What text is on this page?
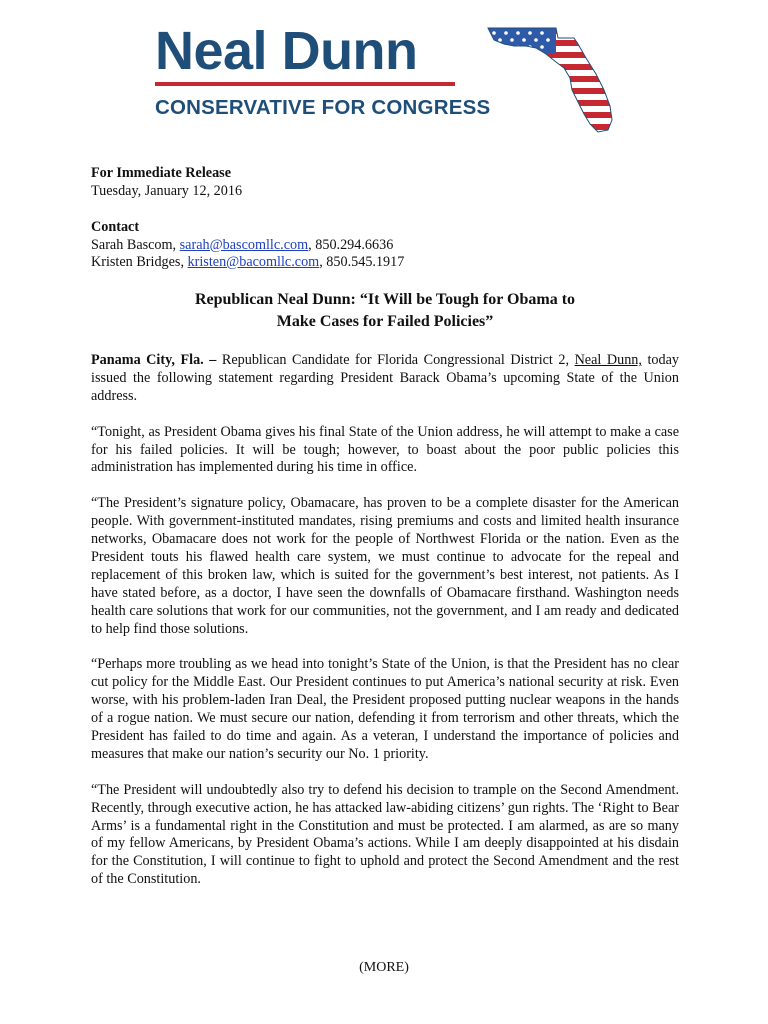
Neal Dunn
CONSERVATIVE FOR CONGRESS

For Immediate Release

Tuesday, January 12, 2016

Contact

Sarah Bascom, sarah@bascomllc.com, 850.294.6636

Kristen Bridges, kristen@bacomllc.com, 850.545.1917

Republican Neal Dunn: “It Will be Tough for Obama to
Make Cases for Failed Policies”

Panama City, Fla. – Republican Candidate for Florida Congressional District 2, Neal Dunn, today issued the following statement regarding President Barack Obama’s upcoming State of the Union address.

“Tonight, as President Obama gives his final State of the Union address, he will attempt to make a case for his failed policies. It will be tough; however, to boast about the poor public policies this administration has implemented during his time in office.

“The President’s signature policy, Obamacare, has proven to be a complete disaster for the American people. With government-instituted mandates, rising premiums and costs and limited health insurance networks, Obamacare does not work for the people of Northwest Florida or the nation. Even as the President touts his flawed health care system, we must continue to advocate for the repeal and replacement of this broken law, which is suited for the government’s best interest, not patients. As I have stated before, as a doctor, I have seen the downfalls of Obamacare firsthand. Washington needs health care solutions that work for our communities, not the government, and I am ready and dedicated to help find those solutions.

“Perhaps more troubling as we head into tonight’s State of the Union, is that the President has no clear cut policy for the Middle East. Our President continues to put America’s national security at risk. Even worse, with his problem-laden Iran Deal, the President proposed putting nuclear weapons in the hands of a rogue nation. We must secure our nation, defending it from terrorism and other threats, which the President has failed to do time and again. As a veteran, I understand the importance of policies and measures that make our nation’s security our No. 1 priority.

“The President will undoubtedly also try to defend his decision to trample on the Second Amendment. Recently, through executive action, he has attacked law-abiding citizens’ gun rights. The ‘Right to Bear Arms’ is a fundamental right in the Constitution and must be protected. I am alarmed, as are so many of my fellow Americans, by President Obama’s actions. While I am deeply disappointed at his disdain for the Constitution, I will continue to fight to uphold and protect the Second Amendment and the rest of the Constitution.

(MORE)
